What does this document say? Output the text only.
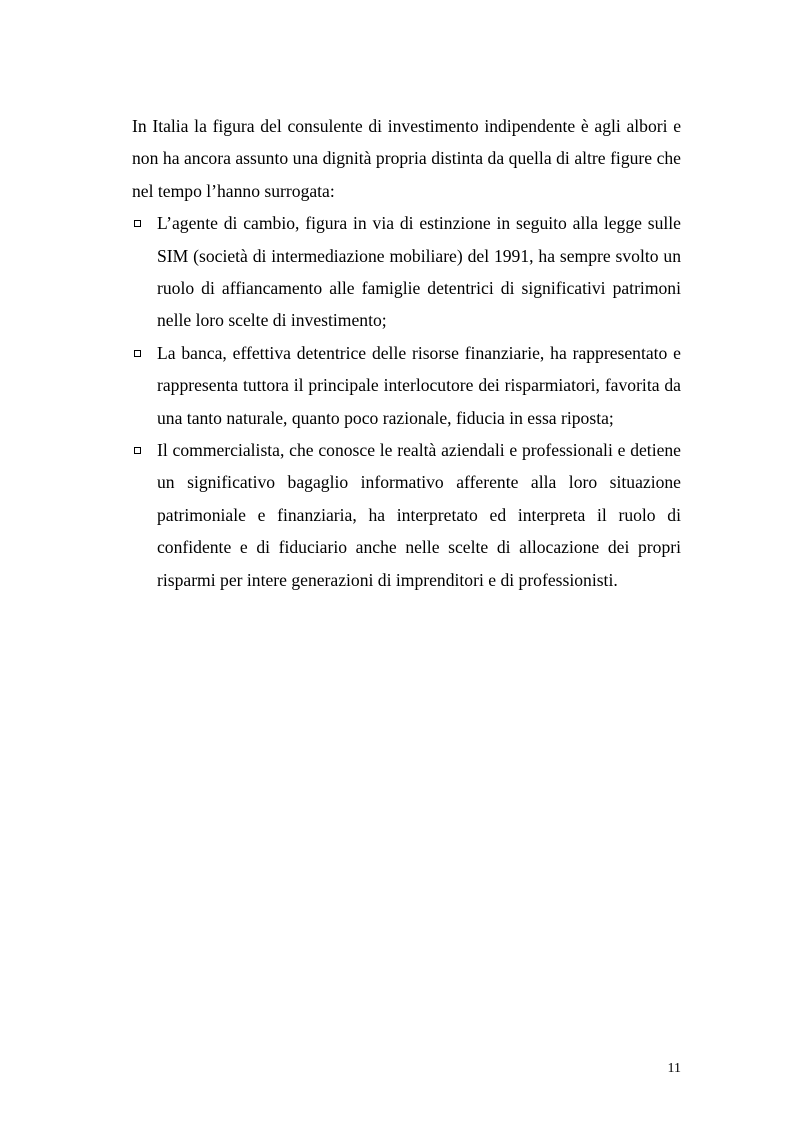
In Italia la figura del consulente di investimento indipendente è agli albori e non ha ancora assunto una dignità propria distinta da quella di altre figure che nel tempo l’hanno surrogata:

L’agente di cambio, figura in via di estinzione in seguito alla legge sulle SIM (società di intermediazione mobiliare) del 1991, ha sempre svolto un ruolo di affiancamento alle famiglie detentrici di significativi patrimoni nelle loro scelte di investimento;
La banca, effettiva detentrice delle risorse finanziarie, ha rappresentato e rappresenta tuttora il principale interlocutore dei risparmiatori, favorita da una tanto naturale, quanto poco razionale, fiducia in essa riposta;
Il commercialista, che conosce le realtà aziendali e professionali e detiene un significativo bagaglio informativo afferente alla loro situazione patrimoniale e finanziaria, ha interpretato ed interpreta il ruolo di confidente e di fiduciario anche nelle scelte di allocazione dei propri risparmi per intere generazioni di imprenditori e di professionisti.
11
